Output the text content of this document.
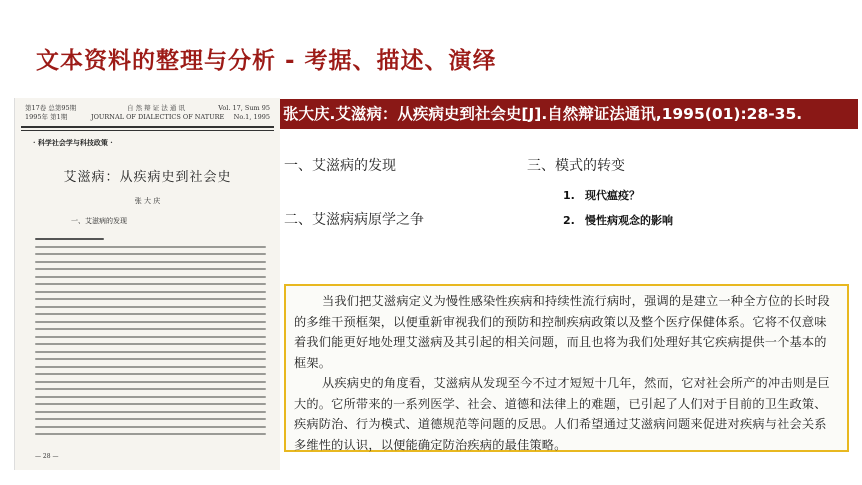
文本资料的整理与分析 - 考据、描述、演绎
第17卷 总第95期
1995年 第1期
自 然 辩 证 法 通 讯
JOURNAL OF DIALECTICS OF NATURE
Vol. 17, Sum 95
No.1, 1995
· 科学社会学与科技政策 ·
艾滋病：从疾病史到社会史
张 大 庆
一、艾滋病的发现
— 28 —
张大庆.艾滋病：从疾病史到社会史[J].自然辩证法通讯,1995(01):28-35.
一、艾滋病的发现
二、艾滋病病原学之争
三、模式的转变
1. 现代瘟疫？
2. 慢性病观念的影响

当我们把艾滋病定义为慢性感染性疾病和持续性流行病时，强调的是建立一种全方位的长时段的多维干预框架，以便重新审视我们的预防和控制疾病政策以及整个医疗保健体系。它将不仅意味着我们能更好地处理艾滋病及其引起的相关问题，而且也将为我们处理好其它疾病提供一个基本的框架。

从疾病史的角度看，艾滋病从发现至今不过才短短十几年，然而，它对社会所产的冲击则是巨大的。它所带来的一系列医学、社会、道德和法律上的难题，已引起了人们对于目前的卫生政策、疾病防治、行为模式、道德规范等问题的反思。人们希望通过艾滋病问题来促进对疾病与社会关系多维性的认识，以便能确定防治疾病的最佳策略。
